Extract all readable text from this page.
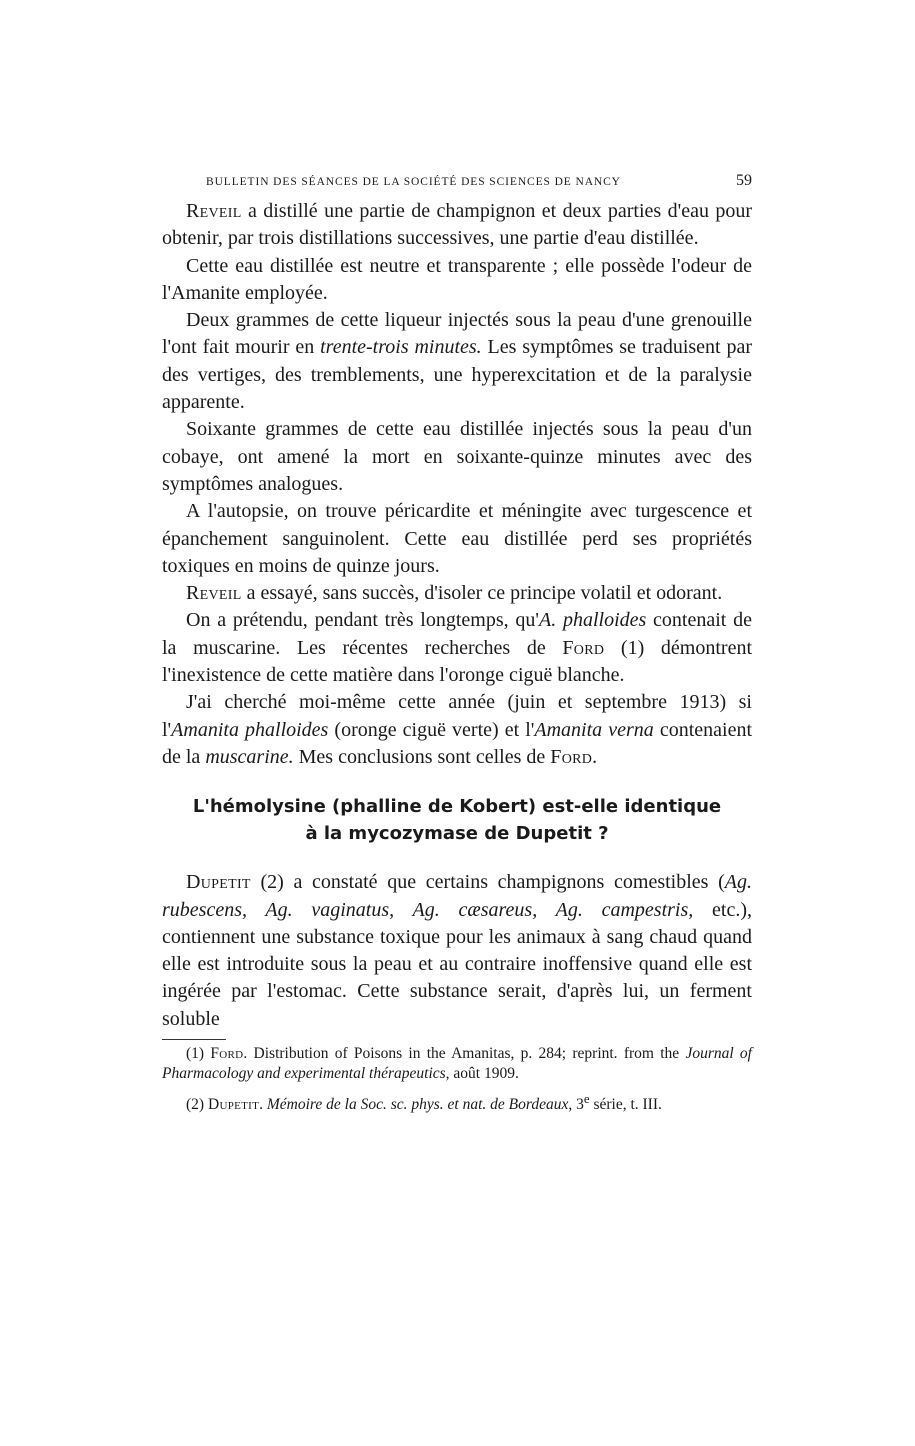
BULLETIN DES SÉANCES DE LA SOCIÉTÉ DES SCIENCES DE NANCY	59

Reveil a distillé une partie de champignon et deux parties d'eau pour obtenir, par trois distillations successives, une partie d'eau distillée.

Cette eau distillée est neutre et transparente ; elle possède l'odeur de l'Amanite employée.

Deux grammes de cette liqueur injectés sous la peau d'une grenouille l'ont fait mourir en trente-trois minutes. Les symptômes se traduisent par des vertiges, des tremblements, une hyperexcitation et de la paralysie apparente.

Soixante grammes de cette eau distillée injectés sous la peau d'un cobaye, ont amené la mort en soixante-quinze minutes avec des symptômes analogues.

A l'autopsie, on trouve péricardite et méningite avec turgescence et épanchement sanguinolent. Cette eau distillée perd ses propriétés toxiques en moins de quinze jours.

Reveil a essayé, sans succès, d'isoler ce principe volatil et odorant.

On a prétendu, pendant très longtemps, qu'A. phalloides contenait de la muscarine. Les récentes recherches de Ford (1) démontrent l'inexistence de cette matière dans l'oronge ciguë blanche.

J'ai cherché moi-même cette année (juin et septembre 1913) si l'Amanita phalloides (oronge ciguë verte) et l'Amanita verna contenaient de la muscarine. Mes conclusions sont celles de Ford.

L'hémolysine (phalline de Kobert) est-elle identique
à la mycozymase de Dupetit ?

Dupetit (2) a constaté que certains champignons comestibles (Ag. rubescens, Ag. vaginatus, Ag. cæsareus, Ag. campestris, etc.), contiennent une substance toxique pour les animaux à sang chaud quand elle est introduite sous la peau et au contraire inoffensive quand elle est ingérée par l'estomac. Cette substance serait, d'après lui, un ferment soluble

(1) Ford. Distribution of Poisons in the Amanitas, p. 284; reprint. from the Journal of Pharmacology and experimental thérapeutics, août 1909.

(2) Dupetit. Mémoire de la Soc. sc. phys. et nat. de Bordeaux, 3e série, t. III.
